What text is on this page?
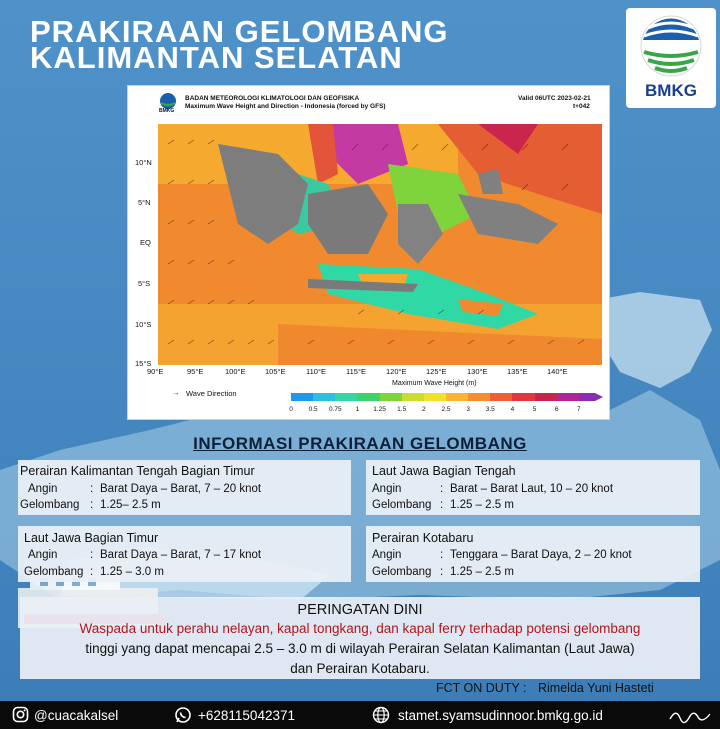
PRAKIRAAN GELOMBANG
KALIMANTAN SELATAN
BMKG
BMKG
BADAN METEOROLOGI KLIMATOLOGI DAN GEOFISIKA
Maximum Wave Height and Direction - Indonesia (forced by GFS)
Valid 06UTC 2023-02-21
t+042
10°N
5°N
EQ
5°S
10°S
15°S
90°E	95°E	100°E	105°E	110°E	115°E	120°E	125°E	130°E	135°E	140°E
→ Wave Direction
Maximum Wave Height (m)
0 0.5 0.75 1 1.25 1.5 2 2.5 3 3.5 4	5	6	7
INFORMASI PRAKIRAAN GELOMBANG
Perairan Kalimantan Tengah Bagian Timur
Angin	: Barat Daya – Barat, 7 – 20 knot
Gelombang : 1.25– 2.5 m
Laut Jawa Bagian Tengah
Angin	: Barat – Barat Laut, 10 – 20 knot
Gelombang : 1.25 – 2.5 m
Laut Jawa Bagian Timur
Angin	: Barat Daya – Barat, 7 – 17 knot
Gelombang : 1.25 – 3.0 m
Perairan Kotabaru
Angin	: Tenggara – Barat Daya, 2 – 20 knot
Gelombang : 1.25 – 2.5 m
PERINGATAN DINI
Waspada untuk perahu nelayan, kapal tongkang, dan kapal ferry terhadap potensi gelombang
tinggi yang dapat mencapai 2.5 – 3.0 m di wilayah Perairan Selatan Kalimantan (Laut Jawa)
dan Perairan Kotabaru.
FCT ON DUTY : Rimelda Yuni Hasteti
@cuacakalsel	+628115042371	stamet.syamsudinnoor.bmkg.go.id
